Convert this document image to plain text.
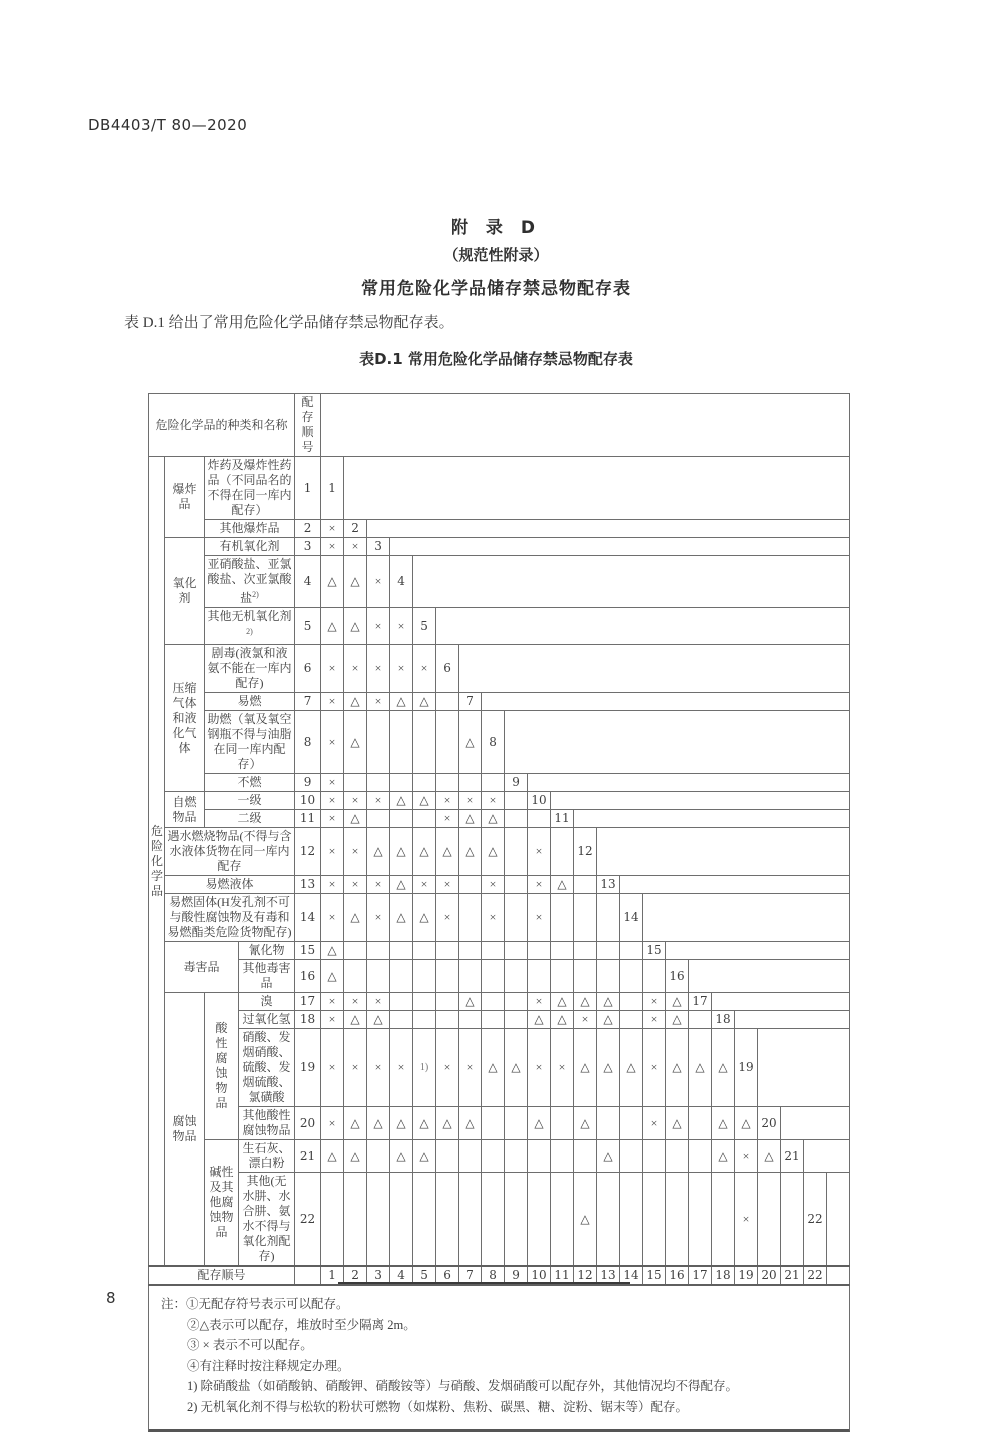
DB4403/T 80—2020
附 录 D
（规范性附录）
常用危险化学品储存禁忌物配存表
表 D.1 给出了常用危险化学品储存禁忌物配存表。
表D.1 常用危险化学品储存禁忌物配存表
危险化学品的种类和名称				配存顺号																							
危险化学品	爆炸品	炸药及爆炸性药品（不同品名的不得在同一库内配存）		1	1																						
		其他爆炸品		2	×	2																					
	氧化剂	有机氧化剂		3	×	×	3																				
		亚硝酸盐、亚氯酸盐、次亚氯酸盐$^{2)}$		4	△	△	×	4																			
		其他无机氧化剂$^{2)}$		5	△	△	×	×	5																		
	压缩气体和液化气体	剧毒(液氯和液氨不能在一库内配存)		6	×	×	×	×	×	6																	
		易燃		7	×	△	×	△	△		7																
		助燃（氧及氧空钢瓶不得与油脂在同一库内配存）		8	×	△					△	8															
		不燃		9	×								9														
	自燃物品	一级		10	×	×	×	△	△	×	×	×		10													
		二级		11	×	△				×	△	△			11												
	遇水燃烧物品(不得与含水液体货物在同一库内配存			12	×	×	△	△	△	△	△	△		×		12											
	易燃液体			13	×	×	×	△	×	×		×		×	△		13										
	易燃固体(H发孔剂不可与酸性腐蚀物及有毒和易燃酯类危险货物配存)			14	×	△	×	△	△	×		×		×				14									
	毒害品		氰化物	15	△														15								
			其他毒害品	16	△															16							
	腐蚀物品	酸性腐蚀物品	溴	17	×	×	×				△			×	△	△	△		×	△	17						
			过氧化氢	18	×	△	△							△	△	×	△		×	△		18					
			硝酸、发烟硝酸、硫酸、发烟硫酸、氯磺酸	19	×	×	×	×	1)	×	×	△	△	×	×	△	△	△	×	△	△	△	19				
			其他酸性腐蚀物品	20	×	△	△	△	△	△	△			△		△			×	△		△	△	20			

		碱性及其他腐蚀物品	生石灰、漂白粉	21	△	△		△	△								△					△	×	△	21		
			其他(无水肼、水合肼、氨水不得与氧化剂配存)	22												△							×			22	
配存顺号					1	2	3	4	5	6	7	8	9	10	11	12	13	14	15	16	17	18	19	20	21	22	
注：①无配存符号表示可以配存。
②△表示可以配存，堆放时至少隔离 2m。
③ × 表示不可以配存。
④有注释时按注释规定办理。
1) 除硝酸盐（如硝酸钠、硝酸钾、硝酸铵等）与硝酸、发烟硝酸可以配存外，其他情况均不得配存。
2) 无机氧化剂不得与松软的粉状可燃物（如煤粉、焦粉、碳黑、糖、淀粉、锯末等）配存。
8
